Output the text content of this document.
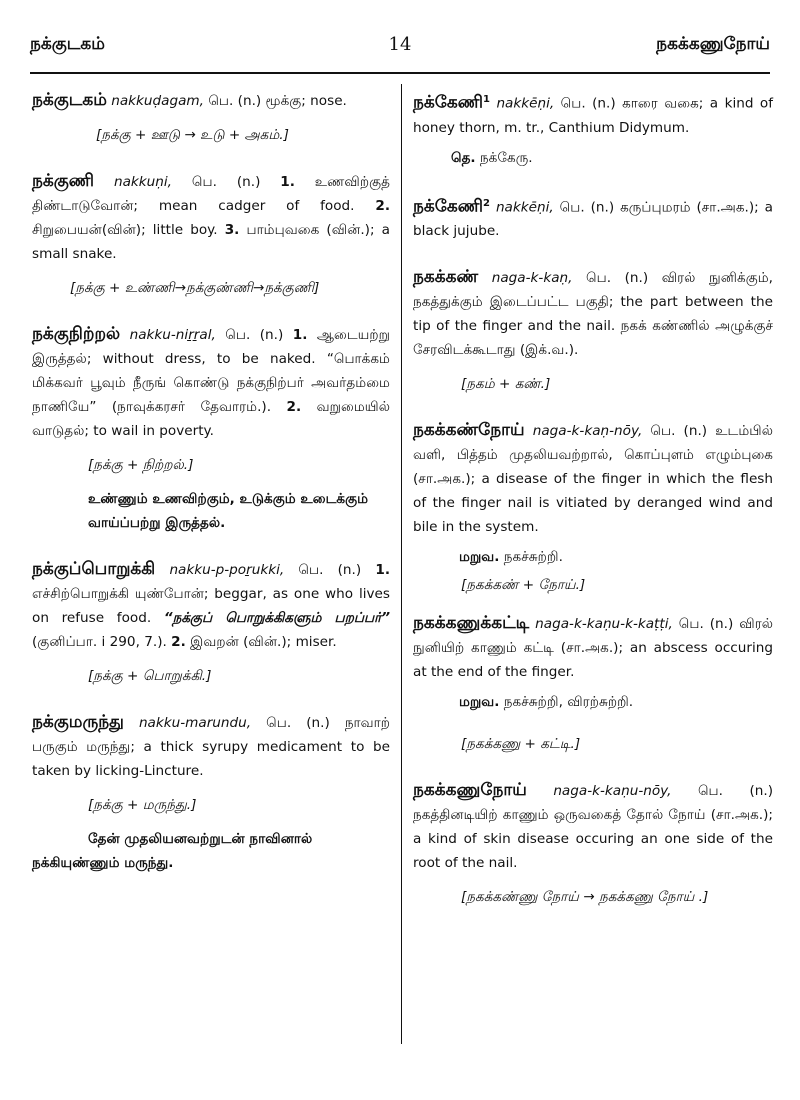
நக்குடகம்	14	நகக்கணுநோய்

நக்குடகம் nakkuḍagam, பெ. (n.) மூக்கு; nose.

[நக்கு + ஊடு → உடு + அகம்.]

நக்குணி nakkuṇi, பெ. (n.) 1. உணவிற்குத் திண்டாடுவோன்; mean cadger of food. 2. சிறுபையன்(வின்); little boy. 3. பாம்புவகை (வின்.); a small snake.

[நக்கு + உண்ணி→நக்குண்ணி→நக்குணி]

நக்குநிற்றல் nakku-niṟṟal, பெ. (n.) 1. ஆடையற்று இருத்தல்; without dress, to be naked. “பொக்கம் மிக்கவர் பூவும் நீருங் கொண்டு நக்குநிற்பர் அவர்தம்மை நாணியே” (நாவுக்கரசர் தேவாரம்.). 2. வறுமையில் வாடுதல்; to wail in poverty.

[நக்கு + நிற்றல்.]
உண்ணும் உணவிற்கும், உடுக்கும் உடைக்கும் வாய்ப்பற்று இருத்தல்.

நக்குப்பொறுக்கி nakku-p-poṟukki, பெ. (n.) 1. எச்சிற்பொறுக்கி யுண்போன்; beggar, as one who lives on refuse food. “நக்குப் பொறுக்கிகளும் பறப்பர்” (குனிப்பா. i 290, 7.). 2. இவறன் (வின்.); miser.

[நக்கு + பொறுக்கி.]

நக்குமருந்து nakku-marundu, பெ. (n.) நாவாற் பருகும் மருந்து; a thick syrupy medicament to be taken by licking-Lincture.

[நக்கு + மருந்து.]
தேன் முதலியனவற்றுடன் நாவினால் நக்கியுண்ணும் மருந்து.

நக்கேணி$^1$ nakkēṇi, பெ. (n.) காரை வகை; a kind of honey thorn, m. tr., Canthium Didymum.

தெ. நக்கேரு.

நக்கேணி$^2$ nakkēṇi, பெ. (n.) கருப்புமரம் (சா.அக.); a black jujube.

நகக்கண் naga-k-kaṇ, பெ. (n.) விரல் நுனிக்கும், நகத்துக்கும் இடைப்பட்ட பகுதி; the part between the tip of the finger and the nail. நகக் கண்ணில் அழுக்குச் சேரவிடக்கூடாது (இக்.வ.).

[நகம் + கண்.]

நகக்கண்நோய் naga-k-kaṇ-nōy, பெ. (n.) உடம்பில் வளி, பித்தம் முதலியவற்றால், கொப்புளம் எழும்புகை (சா.அக.); a disease of the finger in which the flesh of the finger nail is vitiated by deranged wind and bile in the system.

மறுவ. நகச்சுற்றி.
[நகக்கண் + நோய்.]

நகக்கணுக்கட்டி naga-k-kaṇu-k-kaṭṭi, பெ. (n.) விரல் நுனியிற் காணும் கட்டி (சா.அக.); an abscess occuring at the end of the finger.

மறுவ. நகச்சுற்றி, விரற்சுற்றி.
[நகக்கணு + கட்டி.]

நகக்கணுநோய் naga-k-kaṇu-nōy, பெ. (n.) நகத்தினடியிற் காணும் ஒருவகைத் தோல் நோய் (சா.அக.); a kind of skin disease occuring an one side of the root of the nail.

[நகக்கண்ணு நோய் → நகக்கணு நோய் .]
